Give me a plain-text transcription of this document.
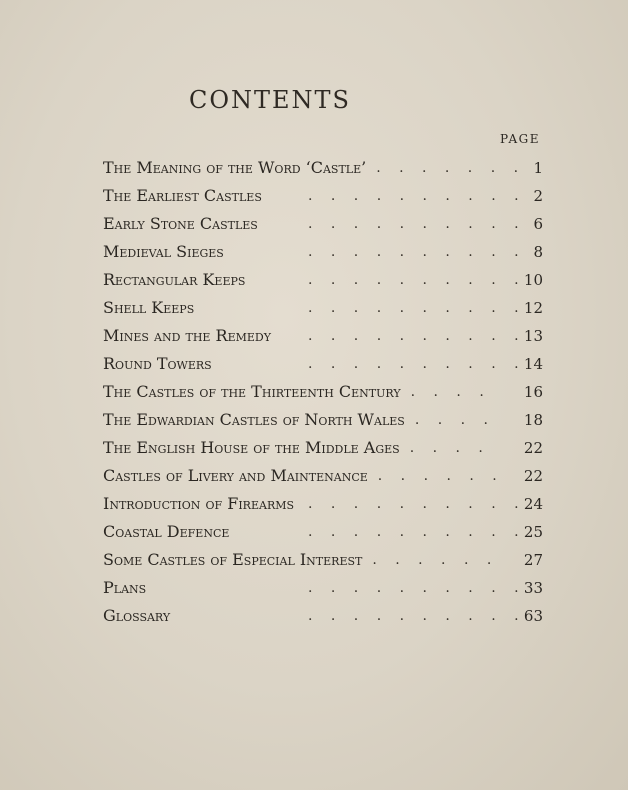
CONTENTS
PAGE
The Meaning of the Word ‘Castle’ .  .  .  .  .  .  . 1
The Earliest Castles	.  .  .  .  .  .  .  .  .  . 2
Early Stone Castles	.  .  .  .  .  .  .  .  .  . 6
Medieval Sieges	.  .  .  .  .  .  .  .  .  . 8
Rectangular Keeps	.  .  .  .  .  .  .  .  .  . 10
Shell Keeps	.  .  .  .  .  .  .  .  .  . 12
Mines and the Remedy	.  .  .  .  .  .  .  .  .  . 13
Round Towers	.  .  .  .  .  .  .  .  .  . 14
The Castles of the Thirteenth Century .  .  .  .	16
The Edwardian Castles of North Wales .  .  .  . 18
The English House of the Middle Ages .  .  .  .	22
Castles of Livery and Maintenance .  .  .  .  .  . 22
Introduction of Firearms .  .  .  .  .  .  .  .  .  . 24
Coastal Defence	.  .  .  .  .  .  .  .  .  . 25
Some Castles of Especial Interest .  .  .  .  .  . 27
Plans	.  .  .  .  .  .  .  .  .  . 33
Glossary	.  .  .  .  .  .  .  .  .  . 63
